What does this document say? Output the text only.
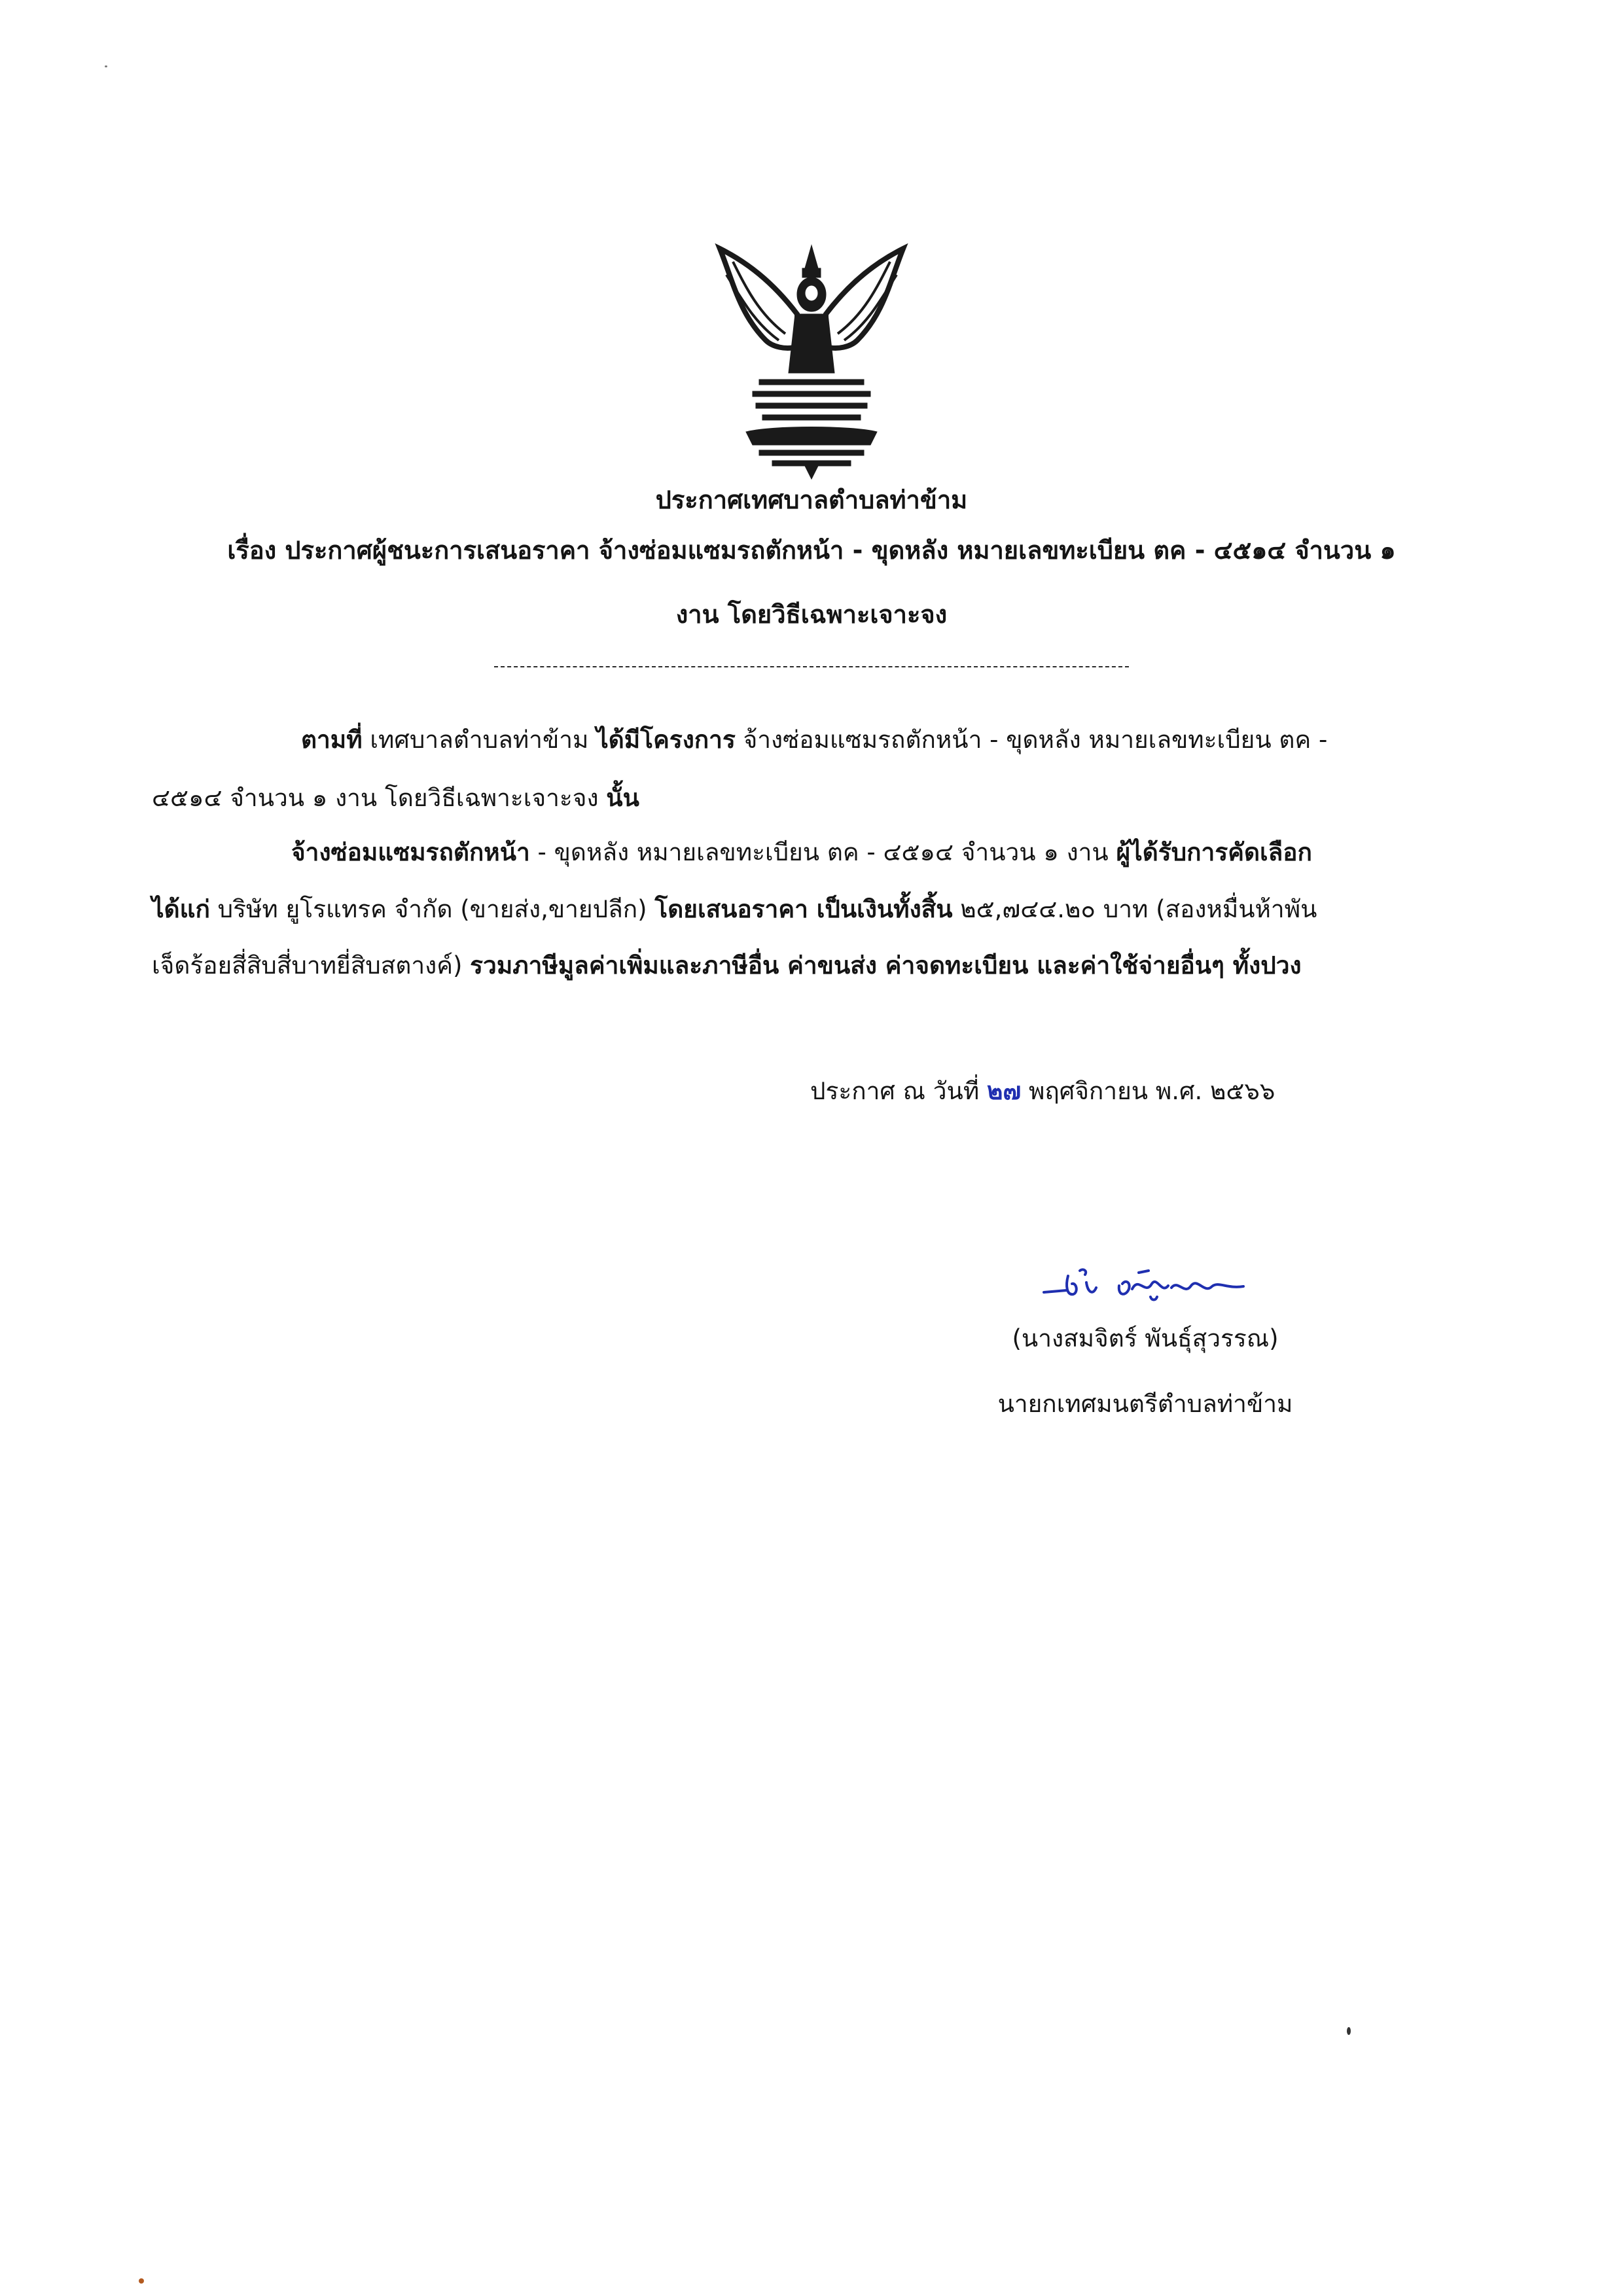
ประกาศเทศบาลตำบลท่าข้าม
เรื่อง ประกาศผู้ชนะการเสนอราคา จ้างซ่อมแซมรถตักหน้า - ขุดหลัง หมายเลขทะเบียน ตค - ๔๕๑๔ จำนวน ๑
งาน โดยวิธีเฉพาะเจาะจง
ตามที่ เทศบาลตำบลท่าข้าม ได้มีโครงการ จ้างซ่อมแซมรถตักหน้า - ขุดหลัง หมายเลขทะเบียน ตค -
๔๕๑๔ จำนวน ๑ งาน โดยวิธีเฉพาะเจาะจง นั้น
จ้างซ่อมแซมรถตักหน้า - ขุดหลัง หมายเลขทะเบียน ตค - ๔๕๑๔ จำนวน ๑ งาน ผู้ได้รับการคัดเลือก
ได้แก่ บริษัท ยูโรแทรค จำกัด (ขายส่ง,ขายปลีก) โดยเสนอราคา เป็นเงินทั้งสิ้น ๒๕,๗๔๔.๒๐ บาท (สองหมื่นห้าพัน
เจ็ดร้อยสี่สิบสี่บาทยี่สิบสตางค์) รวมภาษีมูลค่าเพิ่มและภาษีอื่น ค่าขนส่ง ค่าจดทะเบียน และค่าใช้จ่ายอื่นๆ ทั้งปวง
ประกาศ ณ วันที่ ๒๗ พฤศจิกายน พ.ศ. ๒๕๖๖
(นางสมจิตร์ พันธุ์สุวรรณ)
นายกเทศมนตรีตำบลท่าข้าม
